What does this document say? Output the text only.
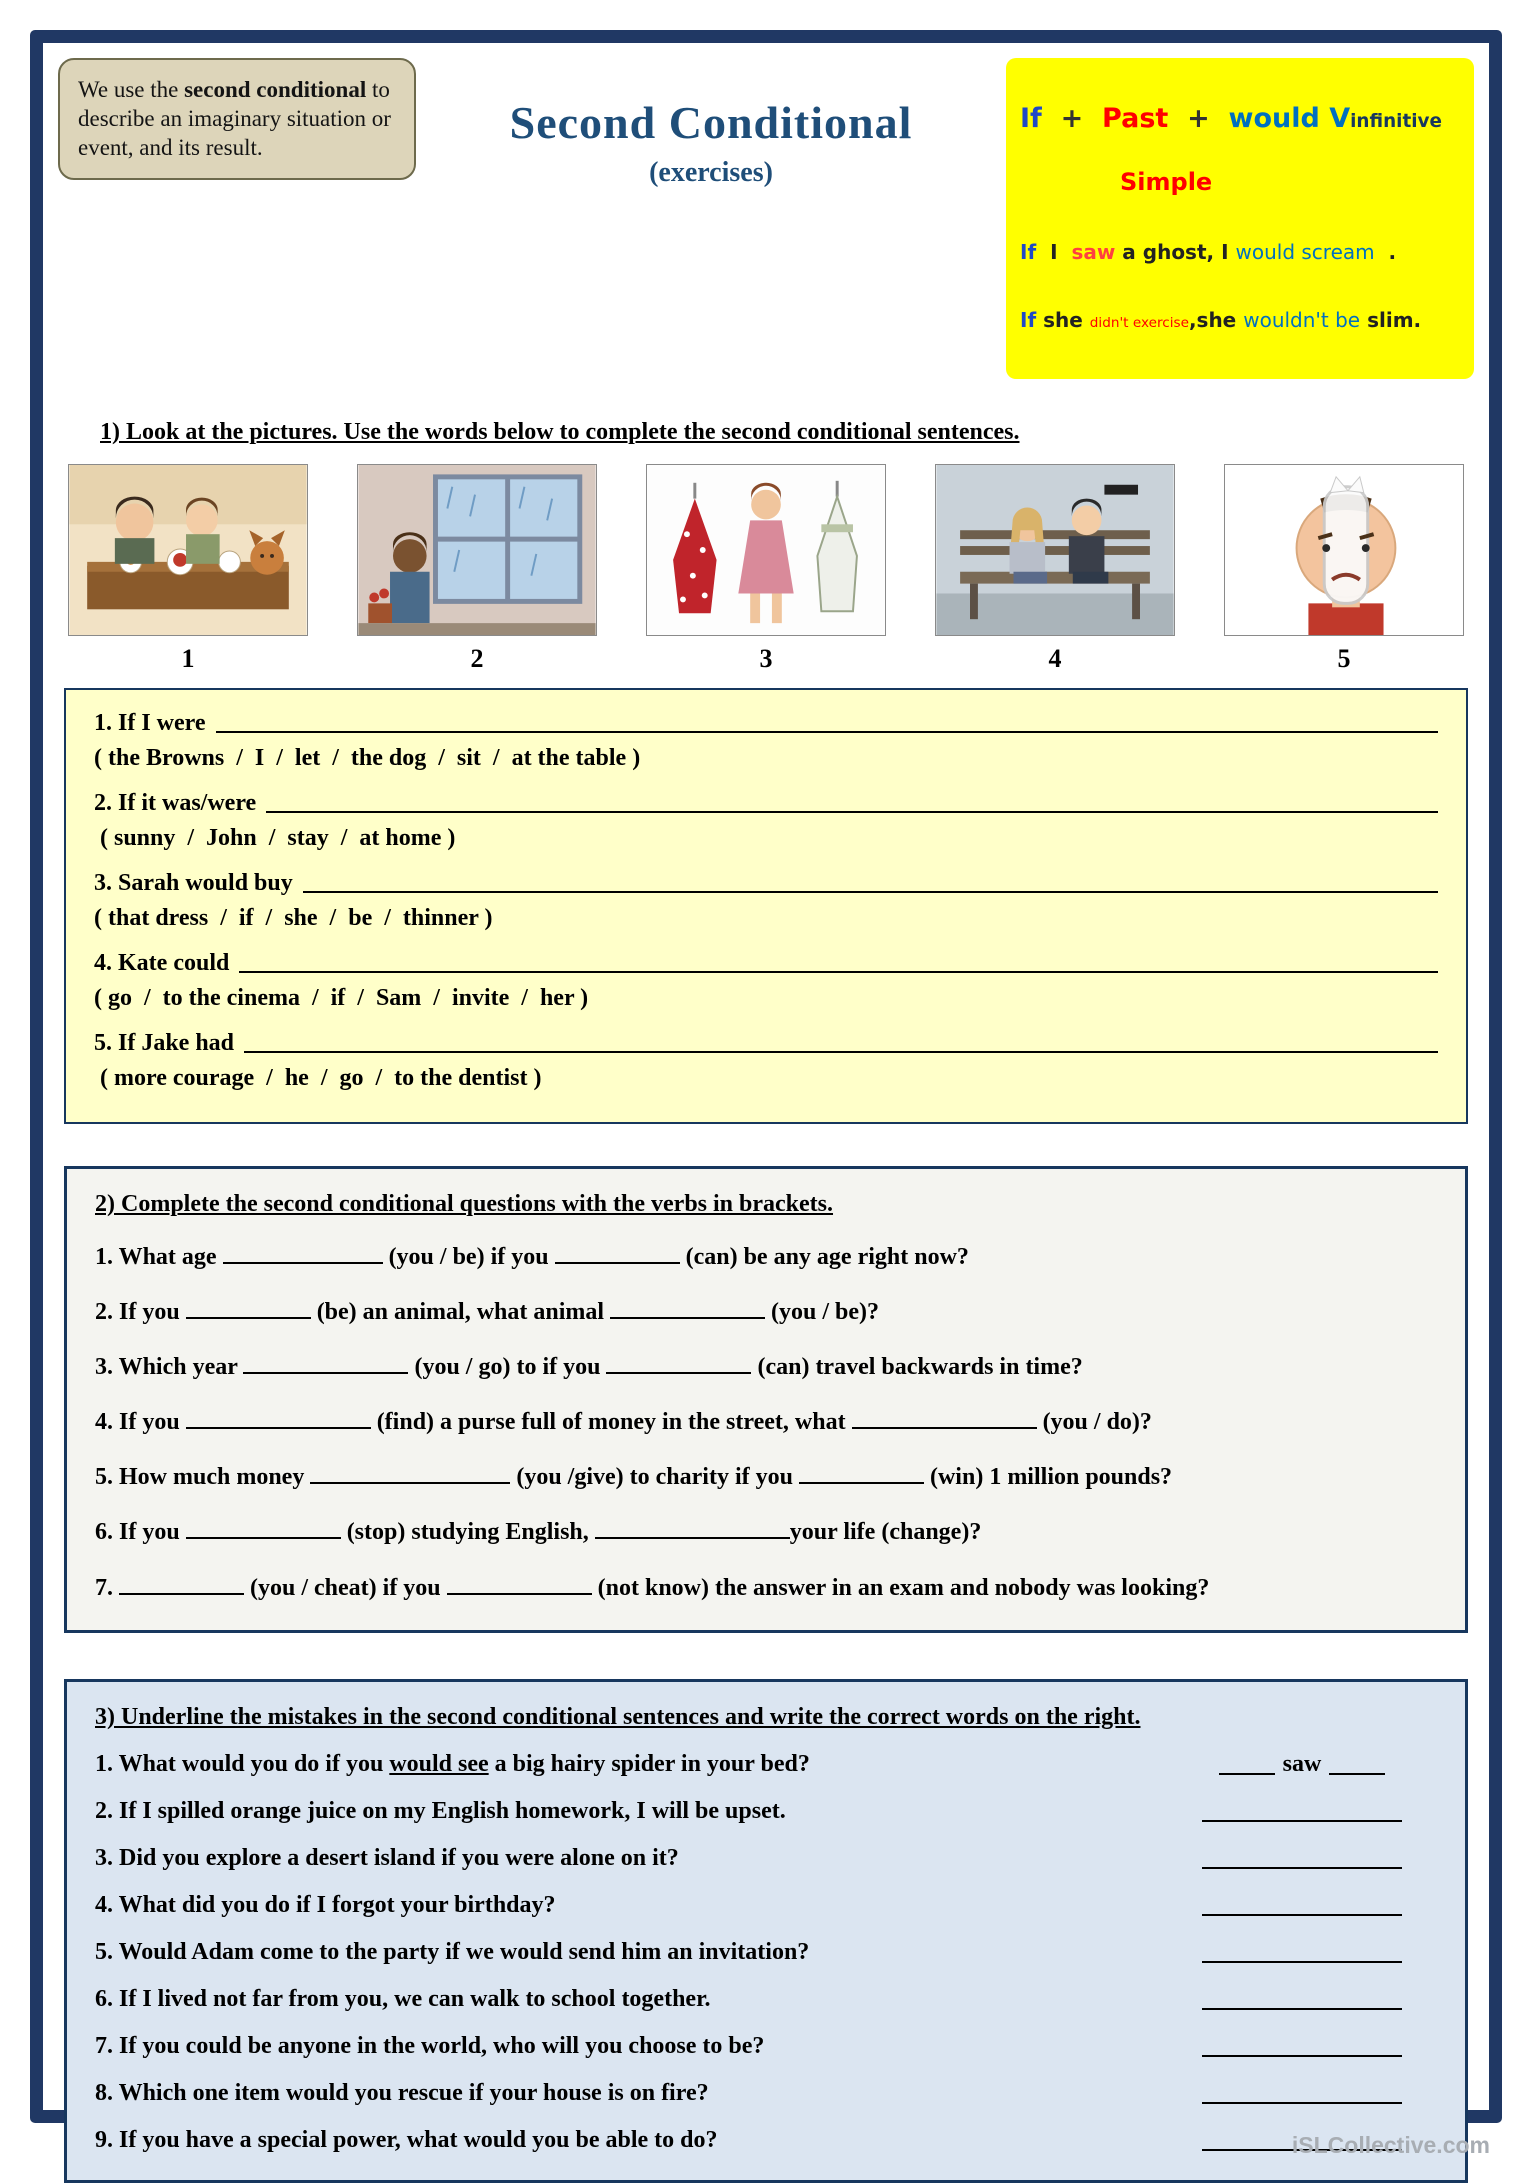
We use the second conditional to describe an imaginary situation or event, and its result.	Second Conditional
(exercises)

If  +  Past  +  would Vinfinitive

Simple

If  I  saw a ghost, I would scream  .

If she didn't exercise,she wouldn't be slim.

1) Look at the pictures. Use the words below to complete the second conditional sentences.
1	2	3	4	5
1. If I were
( the Browns  /  I  /  let  /  the dog  /  sit  /  at the table )
2. If it was/were
( sunny  /  John  /  stay  /  at home )
3. Sarah would buy
( that dress  /  if  /  she  /  be  /  thinner )
4. Kate could
( go  /  to the cinema  /  if  /  Sam  /  invite  /  her )
5. If Jake had
( more courage  /  he  /  go  /  to the dentist )
2) Complete the second conditional questions with the verbs in brackets.
1. What age	(you / be) if you	(can) be any age right now?
2. If you	(be) an animal, what animal	(you / be)?
3. Which year	(you / go) to if you	(can) travel backwards in time?
4. If you	(find) a purse full of money in the street, what	(you / do)?
5. How much money	(you /give) to charity if you	(win) 1 million pounds?
6. If you	(stop) studying English,	your life (change)?
7.	(you / cheat) if you	(not know) the answer in an exam and nobody was looking?
3) Underline the mistakes in the second conditional sentences and write the correct words on the right.
1. What would you do if you would see a big hairy spider in your bed?	saw
2. If I spilled orange juice on my English homework, I will be upset.
3. Did you explore a desert island if you were alone on it?
4. What did you do if I forgot your birthday?
5. Would Adam come to the party if we would send him an invitation?
6. If I lived not far from you, we can walk to school together.
7. If you could be anyone in the world, who will you choose to be?
8. Which one item would you rescue if your house is on fire?
9. If you have a special power, what would you be able to do?	iSLCollective.com
